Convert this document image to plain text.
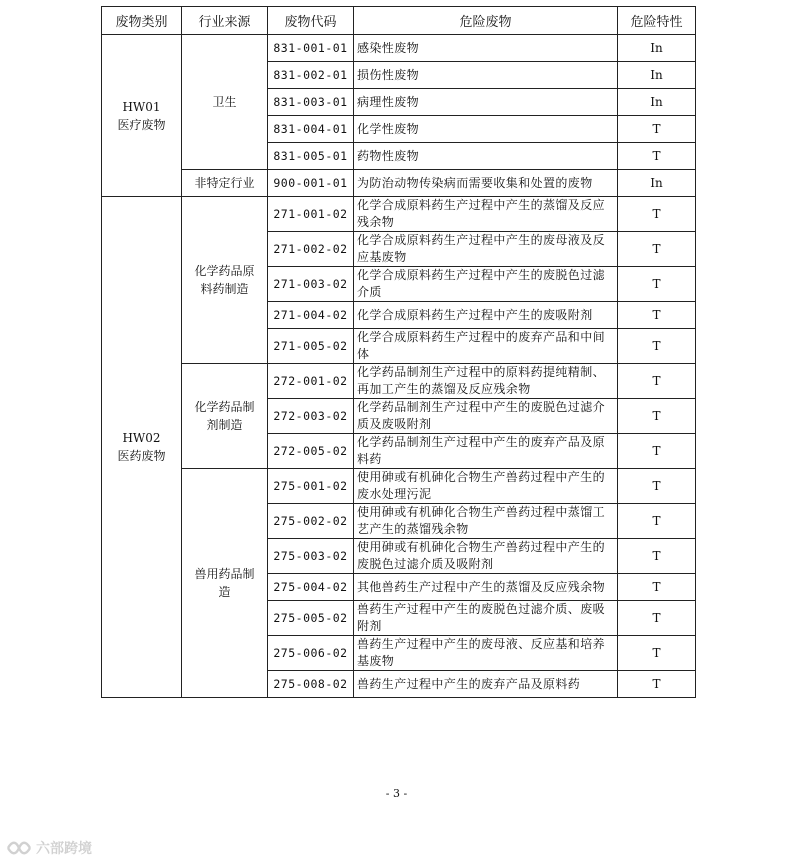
废物类别	行业来源	废物代码	危险废物	危险特性

HW01
医疗废物	卫生	831-001-01	感染性废物	In
		831-002-01	损伤性废物	In
		831-003-01	病理性废物	In
		831-004-01	化学性废物	T
		831-005-01	药物性废物	T
	非特定行业	900-001-01	为防治动物传染病而需要收集和处置的废物	In

HW02
医药废物	化学药品原料药制造	271-001-02	化学合成原料药生产过程中产生的蒸馏及反应残余物	T
		271-002-02	化学合成原料药生产过程中产生的废母液及反应基废物	T
		271-003-02	化学合成原料药生产过程中产生的废脱色过滤介质	T
		271-004-02	化学合成原料药生产过程中产生的废吸附剂	T
		271-005-02	化学合成原料药生产过程中的废弃产品和中间体	T
	化学药品制剂制造	272-001-02	化学药品制剂生产过程中的原料药提纯精制、再加工产生的蒸馏及反应残余物	T
		272-003-02	化学药品制剂生产过程中产生的废脱色过滤介质及废吸附剂	T
		272-005-02	化学药品制剂生产过程中产生的废弃产品及原料药	T
	兽用药品制造	275-001-02	使用砷或有机砷化合物生产兽药过程中产生的废水处理污泥	T
		275-002-02	使用砷或有机砷化合物生产兽药过程中蒸馏工艺产生的蒸馏残余物	T
		275-003-02	使用砷或有机砷化合物生产兽药过程中产生的废脱色过滤介质及吸附剂	T
		275-004-02	其他兽药生产过程中产生的蒸馏及反应残余物	T
		275-005-02	兽药生产过程中产生的废脱色过滤介质、废吸附剂	T
		275-006-02	兽药生产过程中产生的废母液、反应基和培养基废物	T
		275-008-02	兽药生产过程中产生的废弃产品及原料药	T
- 3 -
六部跨境
